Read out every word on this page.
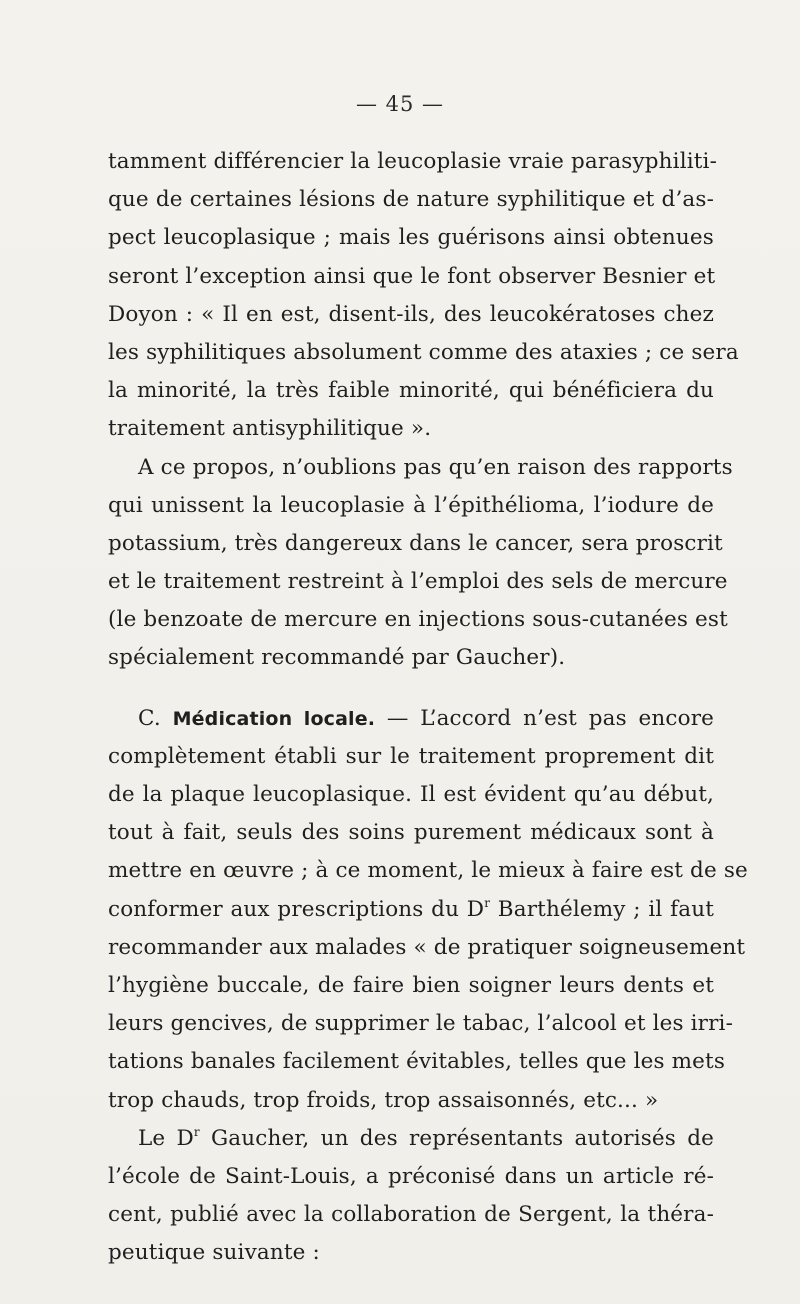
— 45 —
tamment différencier la leucoplasie vraie parasyphiliti-
que de certaines lésions de nature syphilitique et d’as-
pect leucoplasique ; mais les guérisons ainsi obtenues
seront l’exception ainsi que le font observer Besnier et
Doyon : « Il en est, disent-ils, des leucokératoses chez
les syphilitiques absolument comme des ataxies ; ce sera
la minorité, la très faible minorité, qui bénéficiera du
traitement antisyphilitique ».
A ce propos, n’oublions pas qu’en raison des rapports
qui unissent la leucoplasie à l’épithélioma, l’iodure de
potassium, très dangereux dans le cancer, sera proscrit
et le traitement restreint à l’emploi des sels de mercure
(le benzoate de mercure en injections sous-cutanées est
spécialement recommandé par Gaucher).
C. Médication locale. — L’accord n’est pas encore
complètement établi sur le traitement proprement dit
de la plaque leucoplasique. Il est évident qu’au début,
tout à fait, seuls des soins purement médicaux sont à
mettre en œuvre ; à ce moment, le mieux à faire est de se
conformer aux prescriptions du $D^r$ Barthélemy ; il faut
recommander aux malades « de pratiquer soigneusement
l’hygiène buccale, de faire bien soigner leurs dents et
leurs gencives, de supprimer le tabac, l’alcool et les irri-
tations banales facilement évitables, telles que les mets
trop chauds, trop froids, trop assaisonnés, etc... »
Le $D^r$ Gaucher, un des représentants autorisés de
l’école de Saint-Louis, a préconisé dans un article ré-
cent, publié avec la collaboration de Sergent, la théra-
peutique suivante :
